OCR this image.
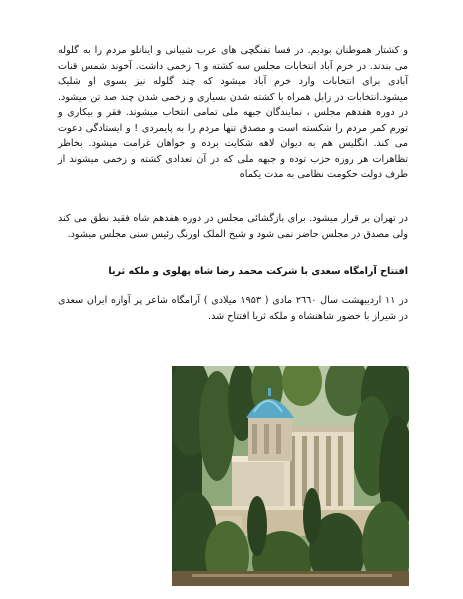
و کشتار هموطنان بودیم. در فسا تفنگچی های عرب شیبانی و اینانلو مردم را به گلوله می بندند. در خرم آباد انتخابات مجلس سه کشته و ٦ زخمی داشت. آخوند شمس قنات آبادی برای انتخابات وارد خرم آباد میشود که چند گلوله نیز بسوی او شلیک میشود.انتخابات در زابل همراه با کشته شدن بسیاری و زخمی شدن چند صد تن میشود. در دوره هفدهم مجلس ، نمایندگان جبهه ملی تمامی انتخاب میشوند. فقر و بیکاری و تورم کمر مردم را شکسته است و مصدق تنها مردم را به پایمردی ! و ایستادگی دعوت می کند. انگلیس هم به دیوان لاهه شکایت برده و خواهان غرامت میشود. بخاطر تظاهرات هر روزه حزب توده و جبهه ملی که در آن تعدادی کشته و زخمی میشوند از طرف دولت حکومت نظامی به مدت یکماه

در تهران بر قرار میشود. برای بازگشائی مجلس در دوره هفدهم شاه فقید نطق می کند ولی مصدق در مجلس حاضر نمی شود و شیخ الملک اورنگ رئیس سنی مجلس میشود.

افتتاح آرامگاه سعدی با شرکت محمد رضا شاه پهلوی و ملکه ثریا

در ۱۱ اردیبهشت سال ۲٦٦٠ مادی ( ۱۹۵۳ میلادی ) آرامگاه شاعر پر آوازه ایران سعدی در شیراز با حضور شاهنشاه و ملکه ثریا افتتاح شد.
